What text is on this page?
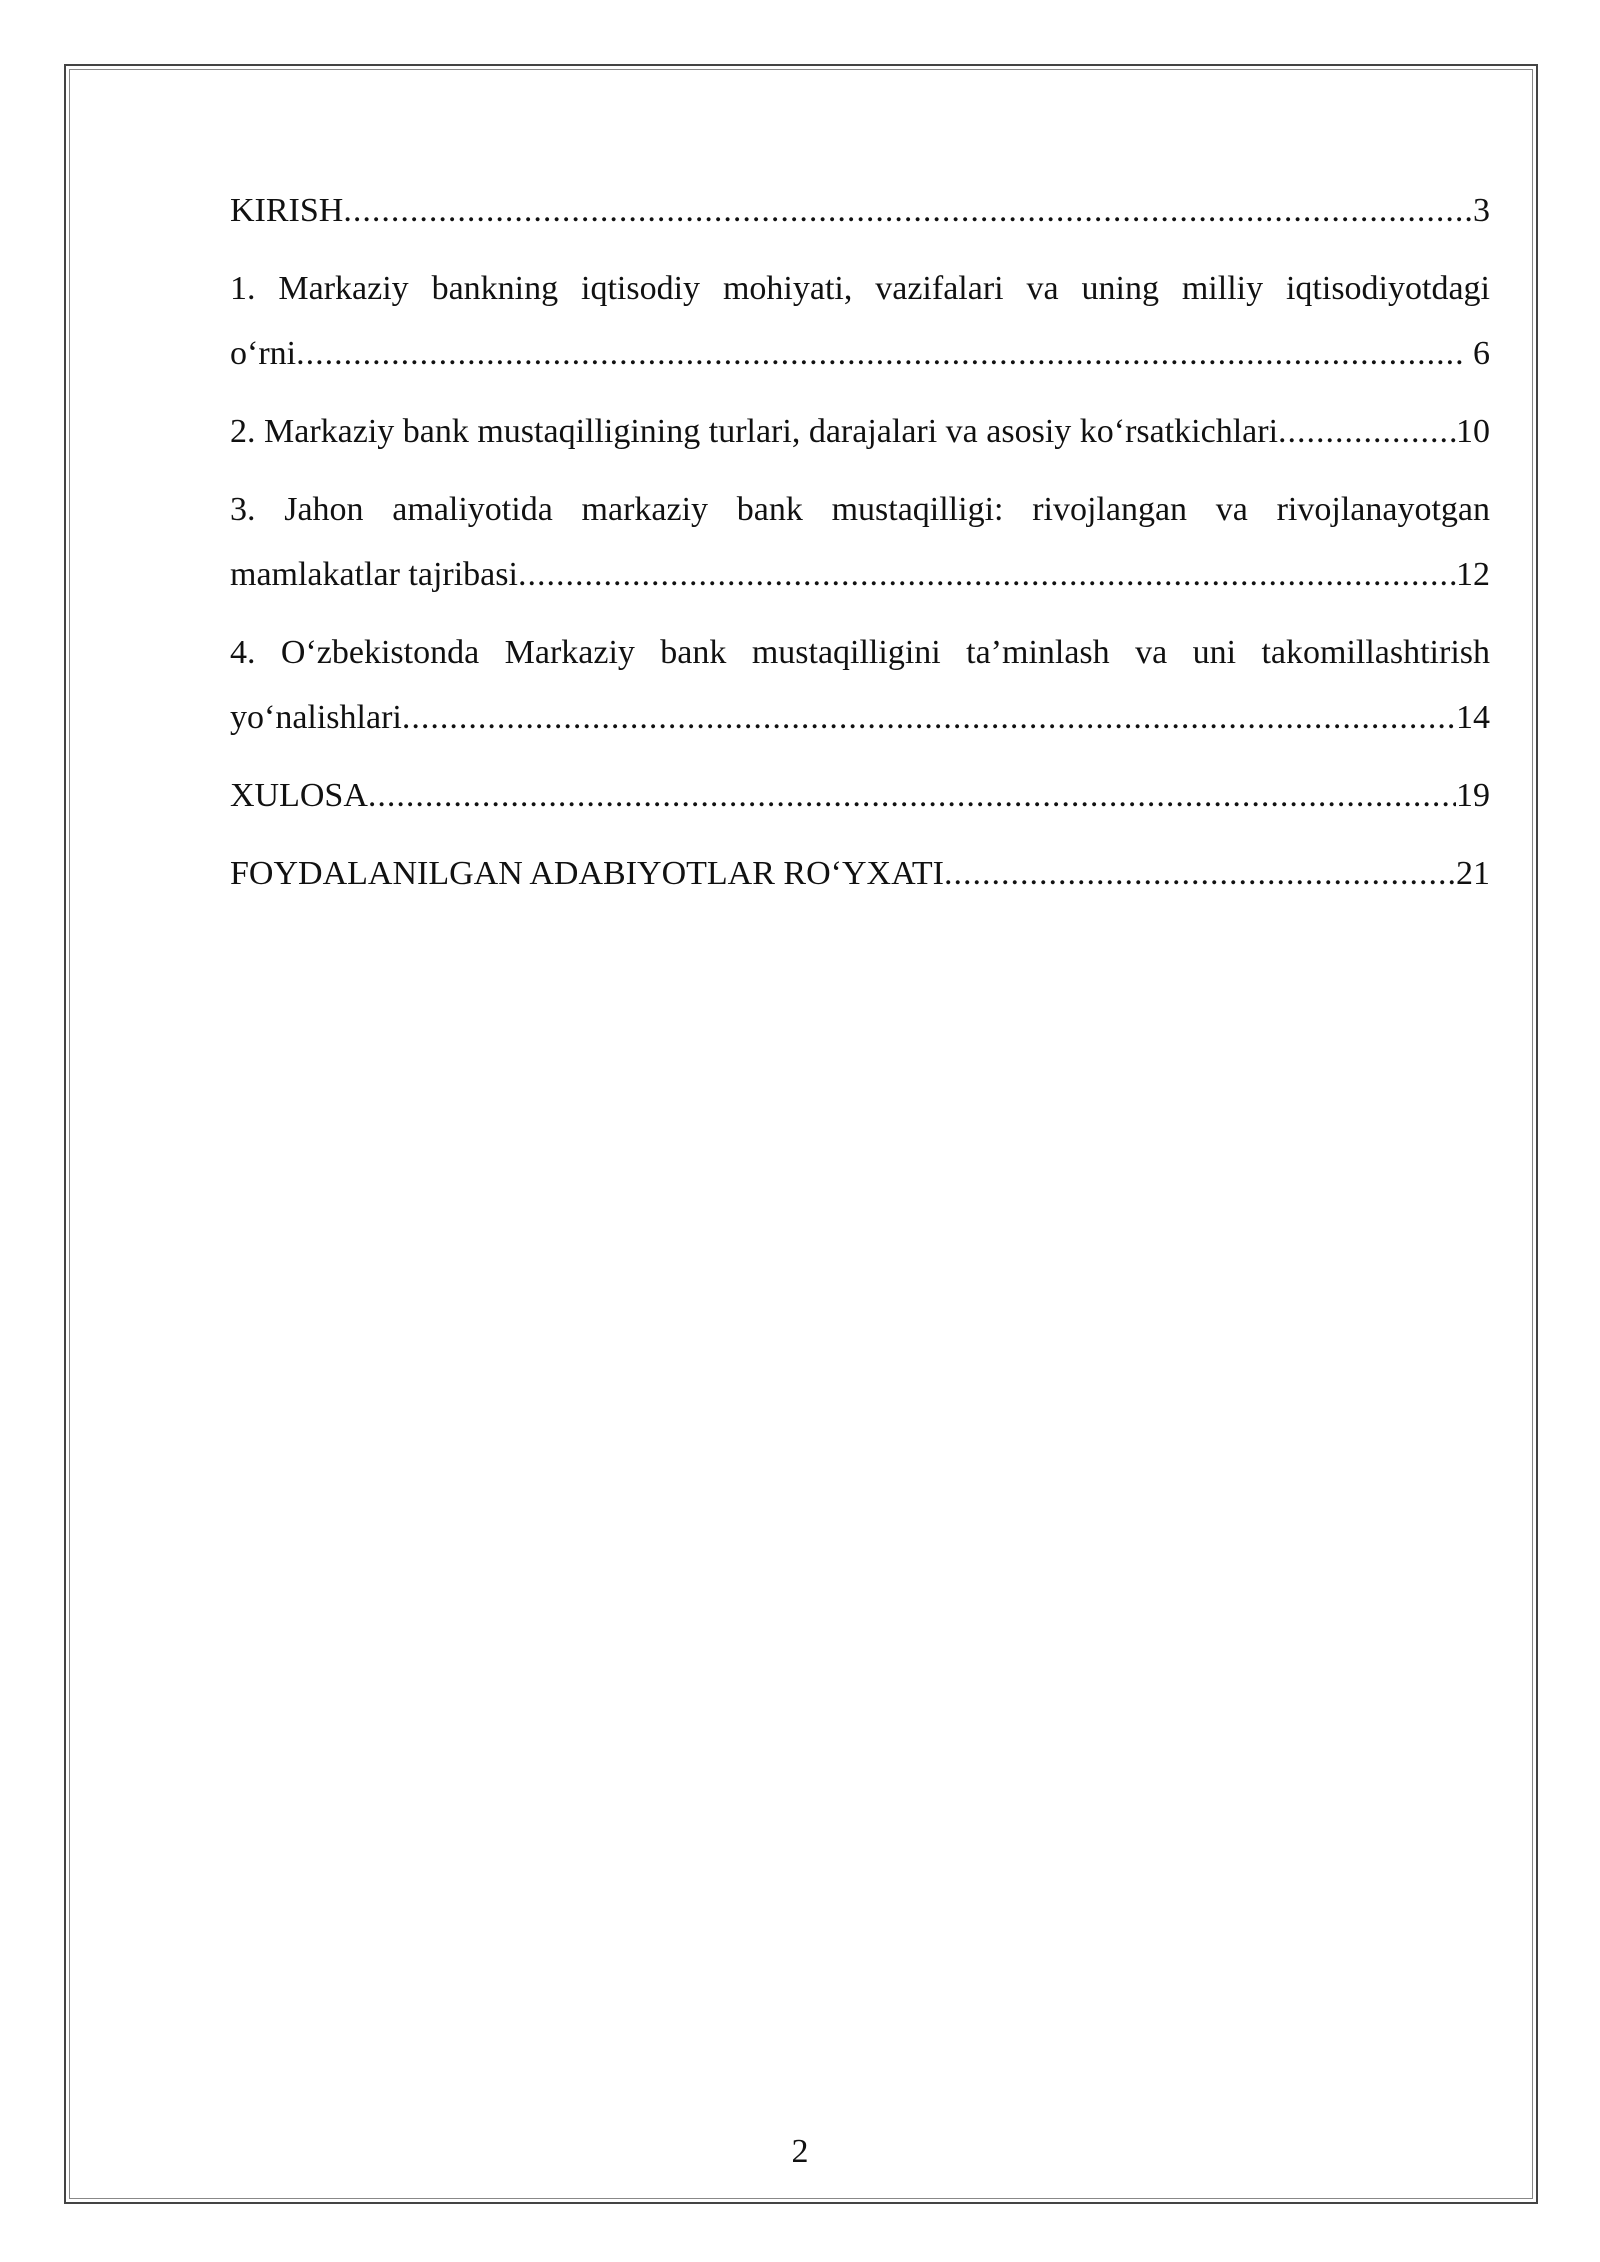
KIRISH .....	3
1. Markaziy bankning iqtisodiy mohiyati, vazifalari va uning milliy iqtisodiyotdagi
o‘rni .....	6
2. Markaziy bank mustaqilligining turlari, darajalari va asosiy ko‘rsatkichlari .....	10
3. Jahon amaliyotida markaziy bank mustaqilligi: rivojlangan va rivojlanayotgan
mamlakatlar tajribasi .....	12
4. O‘zbekistonda Markaziy bank mustaqilligini ta’minlash va uni takomillashtirish
yo‘nalishlari .....	14
XULOSA .....	19
FOYDALANILGAN ADABIYOTLAR RO‘YXATI .....	21
2
